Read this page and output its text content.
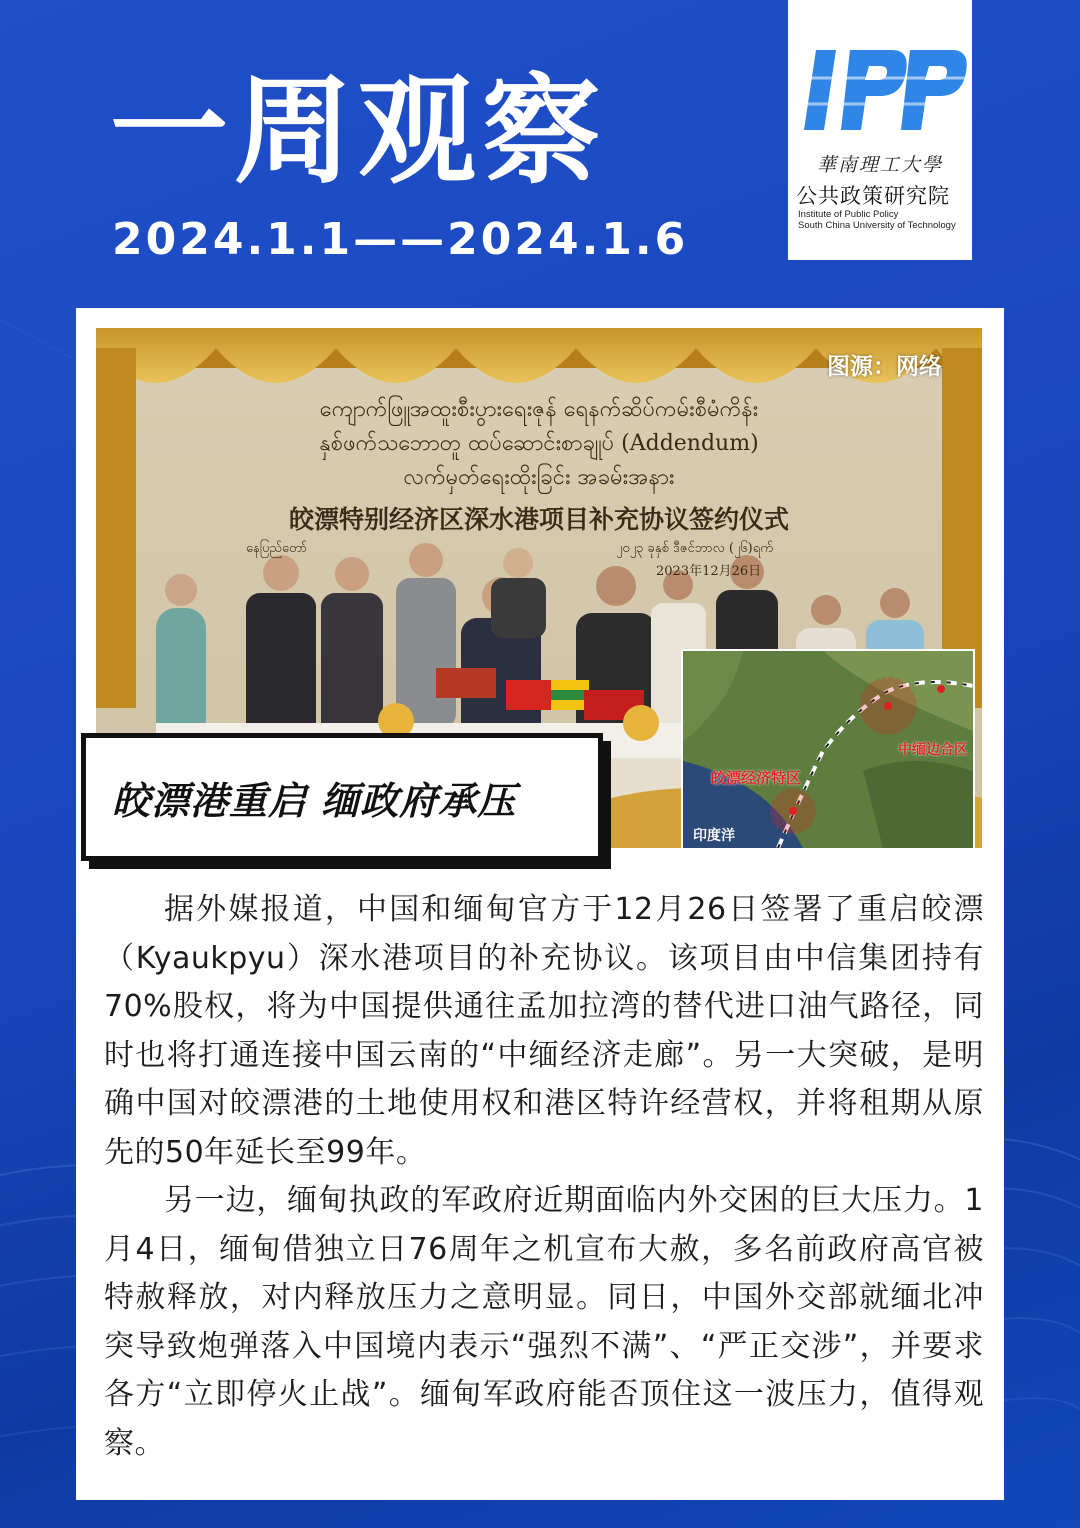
一周观察
2024.1.1——2024.1.6
華南理工大學
公共政策研究院
Institute of Public Policy
South China University of Technology
ကျောက်ဖြူအထူးစီးပွားရေးဇုန် ရေနက်ဆိပ်ကမ်းစီမံကိန်း
နှစ်ဖက်သဘောတူ ထပ်ဆောင်းစာချုပ် (Addendum)
လက်မှတ်ရေးထိုးခြင်း အခမ်းအနား
皎漂特别经济区深水港项目补充协议签约仪式
နေပြည်တော်	၂၀၂၃ ခုနှစ် ဒီဇင်ဘာလ (၂၆)ရက်
2023年12月26日
图源：网络
皎漂经济特区
中缅边合区
印度洋
皎漂港重启 缅政府承压

据外媒报道，中国和缅甸官方于12月26日签署了重启皎漂（Kyaukpyu）深水港项目的补充协议。该项目由中信集团持有70%股权，将为中国提供通往孟加拉湾的替代进口油气路径，同时也将打通连接中国云南的“中缅经济走廊”。另一大突破，是明确中国对皎漂港的土地使用权和港区特许经营权，并将租期从原先的50年延长至99年。

另一边，缅甸执政的军政府近期面临内外交困的巨大压力。1月4日，缅甸借独立日76周年之机宣布大赦，多名前政府高官被特赦释放，对内释放压力之意明显。同日，中国外交部就缅北冲突导致炮弹落入中国境内表示“强烈不满”、“严正交涉”，并要求各方“立即停火止战”。缅甸军政府能否顶住这一波压力，值得观察。
